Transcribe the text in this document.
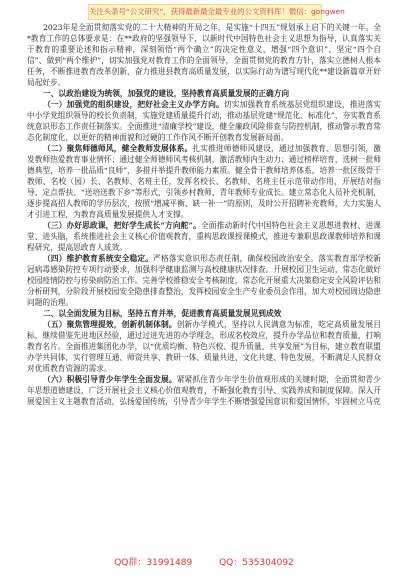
关注头条号“公文研究”，获得最新最全最专业的公文资料库！微信：gongwen

2023年是全面贯彻落实党的二十大精神的开局之年，是实施“十四五”规划承上启下的关键一年。全*教育工作的总体要求是：在**政府的坚强领导下，以新时代中国特色社会主义思想为指导，认真落实关于教育的重要论述和指示精神，深刻领悟“两个确立”的决定性意义，增强“四个意识”、坚定“四个自信”、做到“两个维护”，切实加强党对教育工作的全面领导，全面贯彻党的教育方针，落实立德树人根本任务，不断推进教育改革创新，奋力推进县教育高质量发展，以实际行动为谱写现代化**建设新篇章开好局起好步。

一、以政治建设为统领，加强党的建设，坚持教育高质量发展的正确方向

（一）加强党的组织建设，把好社会主义办学方向。切实加强教育系统基层党组织建设，推进落实中小学党组织领导的校长负责制，实施党建质量提升行动，推动基层党建“规范化、标准化”，夯实教育系统意识形态工作责任制落实。全面推进“清廉学校”建设，健全廉政风险排查与防控机制，推动警示教育常态化制度化，以更好的精神面貌和过硬的工作作风不断开创教育发展新局面。

（二）聚焦师德师风，健全教师发展体系。扎实推进师德师风建设，通过加强教育、思想引领，激发教师热爱教育事业情怀；通过健全师德师风考核机制，激活教师内生动力；通过榜样培育，选树一批师德典型，培养一批品质“良师”，多措并举提升教师能力素质。健全骨干教师培养体系，培养一批区级骨干教师、名校（园）长、名教师、名班主任，发挥名校长、名教师、名班主任示范带动作用，开展结对指导、定点帮扶、“送培送教下乡”等形式，引领乡村教师、青年教师专业成长。建立常态化人员补充机制，逐步提高招人教师的学历层次，按照“增减平衡、缺一补一”的原则，及时公开招聘补充教师，大力实施人才引进工程，为教育高质量发展提供人才支撑。

（三）办好思政课，把好学生成长“方向舵”。全面推动新时代中国特色社会主义思想进教材、进课堂、进头脑，系统推进社会主义核心价值观教育，重构思政课授课模式，推进专兼职思政课教师培养和课程研究，提高思政育人成效。

（四）维护教育系统安全稳定。严格落实意识形态责任制，确保校园政治安全。落实教育部学校新冠病毒感染防控专项行动要求，加强科学健康监测与高校健康状况排查。开展校园卫生运动，常态化做好校园疫情防控与传染病防治工作。完善学校推稳安全考核制度，常态化开展重大决策稳定安全风险评估和分析研判，分阶段开展校园安全隐患排查整治，发挥校园安全生产专业委员会作用，加大对校园周边隐患问题的治理。

二、以全面发展为目标，坚持五育并举，促进教育高质量发展见到成效

（五）聚焦管理提效，创新机制体制。创新办学模式，坚持以人民满意为标准，吃定高质量发展目标，继续借鉴先进地区经验，通过过进先进的办学理念，形成名校效应，提升办学品位和教育质量，打响教育名片。全面推进集团化办学，以“优质均衡、特色兴校、提升质量、共享发展”为目标，建立教育联盟办学共同体，实行管理互通、师资共享、教研一体、质量共进、文化共建、特色发展，不断满足人民群众对优质教育资源的需求。

（六）积极引导青少年学生全面发展。紧紧抓住青少年学生价值观形成的关键时期，全面贯彻青少年思想道德建设，广泛开展社会主义核心价值观教育，不断强化教育引导、实践养成和制度保障。深入开展爱国主义主题教育活动，弘扬爱国传统，引导青少年学生不断增强爱国意识和爱国情怀，牢固树立马克

QQ群：31991489	QQ：535304092
